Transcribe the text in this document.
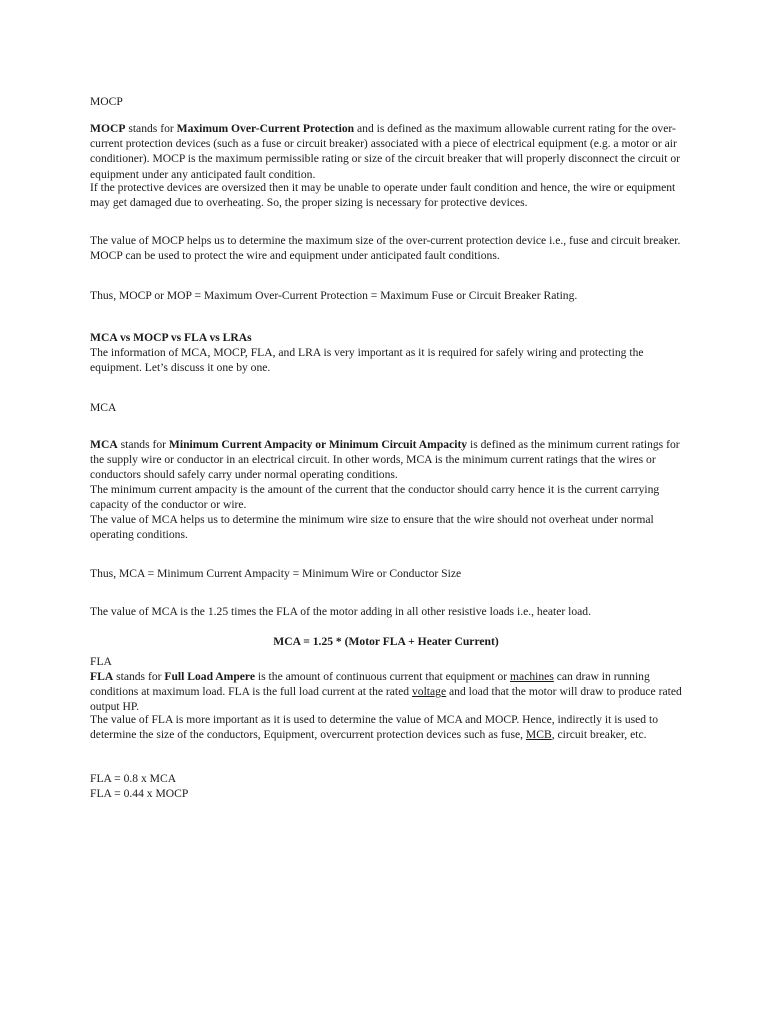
MOCP

MOCP stands for Maximum Over-Current Protection and is defined as the maximum allowable current rating for the over-current protection devices (such as a fuse or circuit breaker) associated with a piece of electrical equipment (e.g. a motor or air conditioner). MOCP is the maximum permissible rating or size of the circuit breaker that will properly disconnect the circuit or equipment under any anticipated fault condition.

If the protective devices are oversized then it may be unable to operate under fault condition and hence, the wire or equipment may get damaged due to overheating. So, the proper sizing is necessary for protective devices.

The value of MOCP helps us to determine the maximum size of the over-current protection device i.e., fuse and circuit breaker. MOCP can be used to protect the wire and equipment under anticipated fault conditions.

Thus, MOCP or MOP = Maximum Over-Current Protection = Maximum Fuse or Circuit Breaker Rating.

MCA vs MOCP vs FLA vs LRAs

The information of MCA, MOCP, FLA, and LRA is very important as it is required for safely wiring and protecting the equipment. Let’s discuss it one by one.

MCA

MCA stands for Minimum Current Ampacity or Minimum Circuit Ampacity is defined as the minimum current ratings for the supply wire or conductor in an electrical circuit. In other words, MCA is the minimum current ratings that the wires or conductors should safely carry under normal operating conditions.

The minimum current ampacity is the amount of the current that the conductor should carry hence it is the current carrying capacity of the conductor or wire.

The value of MCA helps us to determine the minimum wire size to ensure that the wire should not overheat under normal operating conditions.

Thus, MCA = Minimum Current Ampacity = Minimum Wire or Conductor Size

The value of MCA is the 1.25 times the FLA of the motor adding in all other resistive loads i.e., heater load.

MCA = 1.25 * (Motor FLA + Heater Current)

FLA

FLA stands for Full Load Ampere is the amount of continuous current that equipment or machines can draw in running conditions at maximum load. FLA is the full load current at the rated voltage and load that the motor will draw to produce rated output HP.

The value of FLA is more important as it is used to determine the value of MCA and MOCP. Hence, indirectly it is used to determine the size of the conductors, Equipment, overcurrent protection devices such as fuse, MCB, circuit breaker, etc.

FLA = 0.8 x MCA

FLA = 0.44 x MOCP
